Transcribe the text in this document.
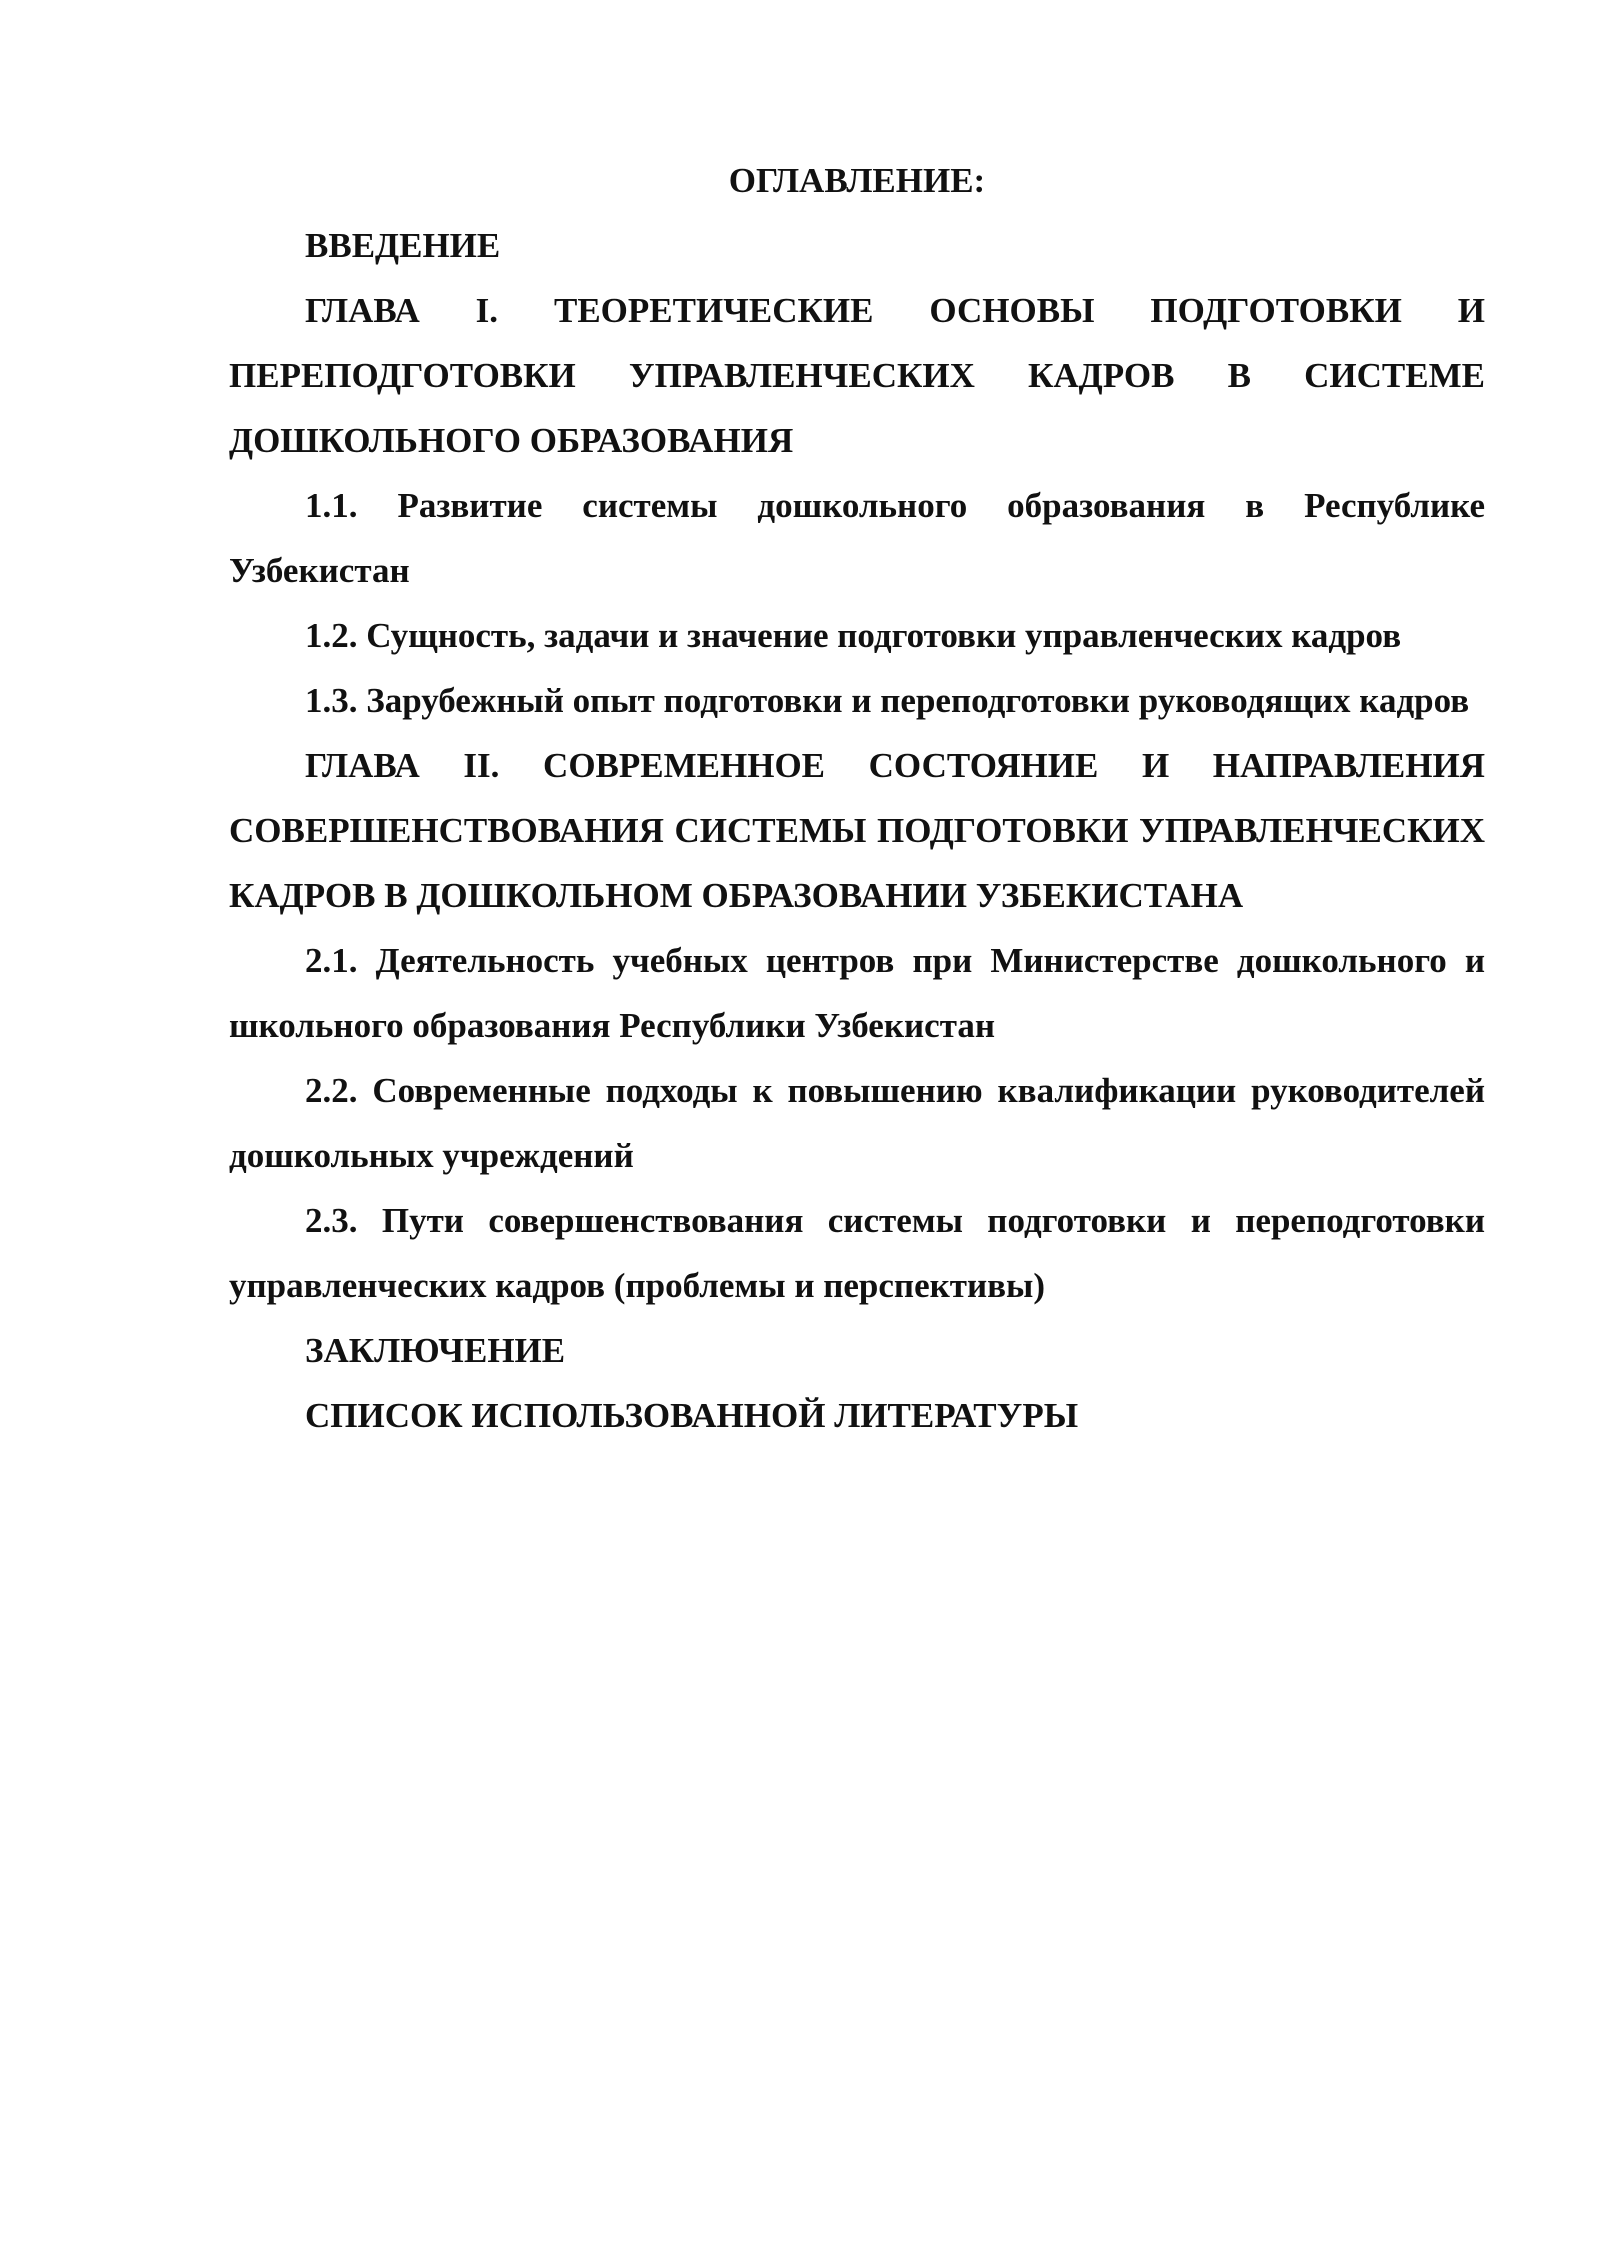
ОГЛАВЛЕНИЕ:

ВВЕДЕНИЕ

ГЛАВА I. ТЕОРЕТИЧЕСКИЕ ОСНОВЫ ПОДГОТОВКИ И ПЕРЕПОДГОТОВКИ УПРАВЛЕНЧЕСКИХ КАДРОВ В СИСТЕМЕ ДОШКОЛЬНОГО ОБРАЗОВАНИЯ

1.1. Развитие системы дошкольного образования в Республике Узбекистан

1.2. Сущность, задачи и значение подготовки управленческих кадров

1.3. Зарубежный опыт подготовки и переподготовки руководящих кадров

ГЛАВА II. СОВРЕМЕННОЕ СОСТОЯНИЕ И НАПРАВЛЕНИЯ СОВЕРШЕНСТВОВАНИЯ СИСТЕМЫ ПОДГОТОВКИ УПРАВЛЕНЧЕСКИХ КАДРОВ В ДОШКОЛЬНОМ ОБРАЗОВАНИИ УЗБЕКИСТАНА

2.1. Деятельность учебных центров при Министерстве дошкольного и школьного образования Республики Узбекистан

2.2. Современные подходы к повышению квалификации руководителей дошкольных учреждений

2.3. Пути совершенствования системы подготовки и переподготовки управленческих кадров (проблемы и перспективы)

ЗАКЛЮЧЕНИЕ

СПИСОК ИСПОЛЬЗОВАННОЙ ЛИТЕРАТУРЫ
